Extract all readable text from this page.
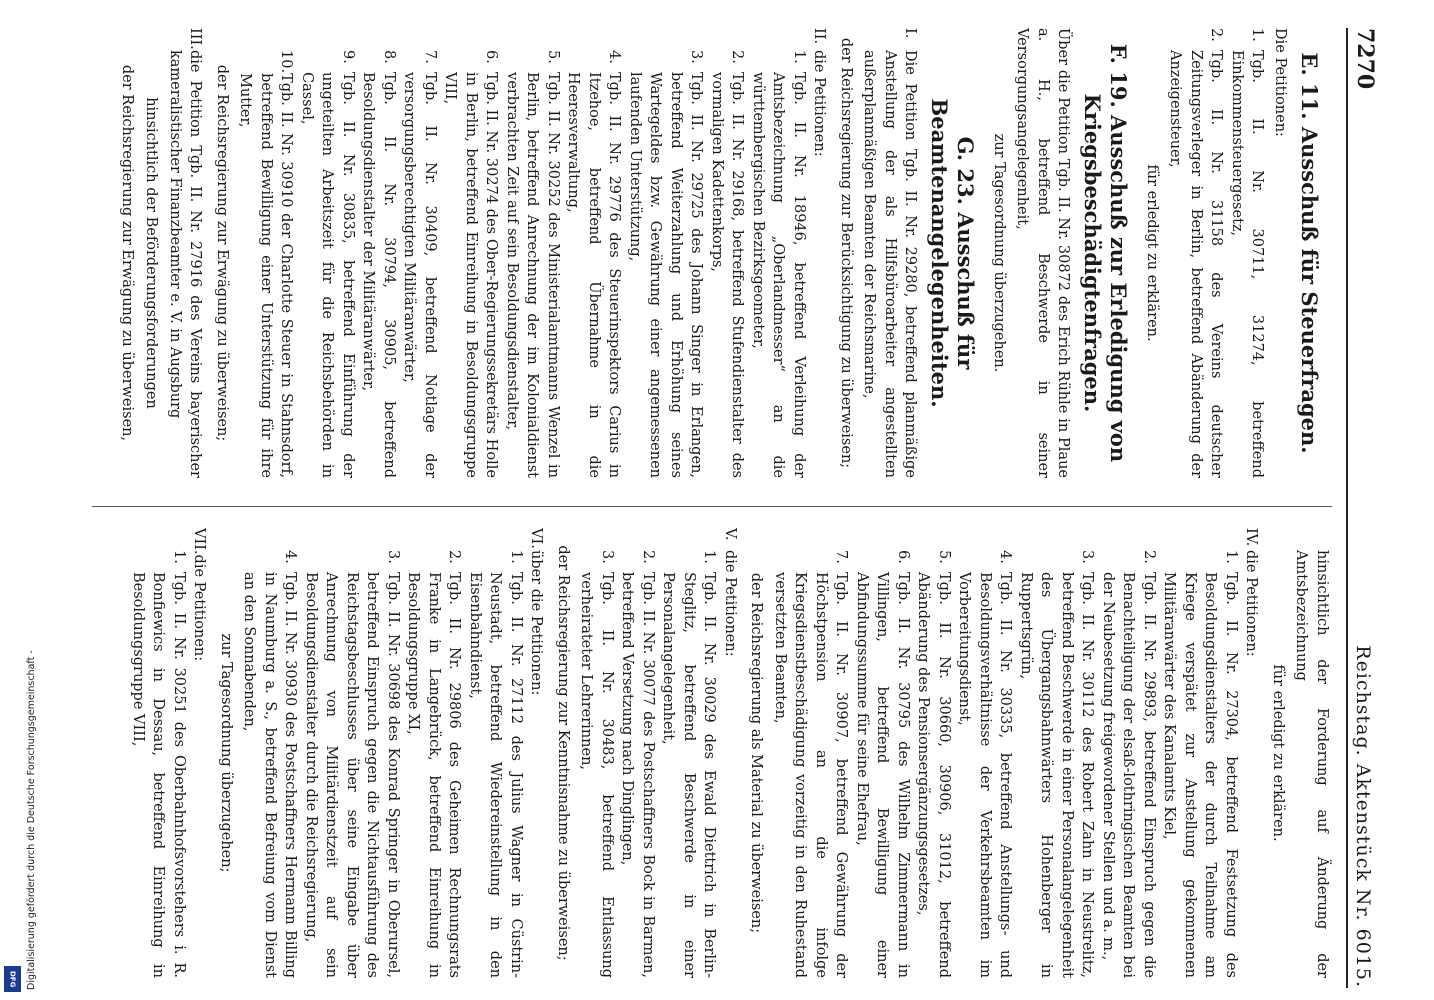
7270
Reichstag. Aktenstück Nr. 6015.
E. 11. Ausschuß für Steuerfragen.

Die Petitionen:

1.
Tgb. II. Nr. 30711, 31274, betreffend Einkommensteuergesetz,
2.
Tgb. II. Nr. 31158 des Vereins deutscher Zeitungsverleger in Berlin, betreffend Abänderung der Anzeigensteuer,

für erledigt zu erklären.

F. 19. Ausschuß zur Erledigung von Kriegsbeschädigtenfragen.

Über die Petition Tgb. II. Nr. 30872 des Erich Rühle in Plaue a. H., betreffend Beschwerde in seiner Versorgungsangelegenheit,

zur Tagesordnung überzugehen.

G. 23. Ausschuß für Beamtenangelegenheiten.
I.
Die Petition Tgb. II. Nr. 29280, betreffend planmäßige Anstellung der als Hilfsbüroarbeiter angestellten außerplanmäßigen Beamten der Reichsmarine,

der Reichsregierung zur Berücksichtigung zu überweisen;

II.
die Petitionen:
1.
Tgb. II. Nr. 18946, betreffend Verleihung der Amtsbezeichnung „Oberlandmesser“ an die württembergischen Bezirksgeometer,
2.
Tgb. II. Nr. 29168, betreffend Stufendienstalter des vormaligen Kadettenkorps,
3.
Tgb. II. Nr. 29725 des Johann Singer in Erlangen, betreffend Weiterzahlung und Erhöhung seines Wartegeldes bzw. Gewährung einer angemessenen laufenden Unterstützung,
4.
Tgb. II. Nr. 29776 des Steuerinspektors Carius in Itzehoe, betreffend Übernahme in die Heeresverwaltung,
5.
Tgb. II. Nr. 30252 des Ministerialamtmanns Wenzel in Berlin, betreffend Anrechnung der im Kolonialdienst verbrachten Zeit auf sein Besoldungsdienstalter,
6.
Tgb. II. Nr. 30274 des Ober-Regierungssekretärs Holle in Berlin, betreffend Einreihung in Besoldungsgruppe VIII,
7.
Tgb. II. Nr. 30409, betreffend Notlage der versorgungsberechtigten Militäranwärter,
8.
Tgb. II. Nr. 30794, 30905, betreffend Besoldungsdienstalter der Militäranwärter,
9.
Tgb. II. Nr. 30835, betreffend Einführung der ungeteilten Arbeitszeit für die Reichsbehörden in Cassel,
10.
Tgb. II. Nr. 30910 der Charlotte Steuer in Stahnsdorf, betreffend Bewilligung einer Unterstützung für ihre Mutter,

der Reichsregierung zur Erwägung zu überweisen;

III.
die Petition Tgb. II. Nr. 27916 des Vereins bayerischer kameralistischer Finanzbeamter e. V. in Augsburg

hinsichtlich der Beförderungsforderungen

der Reichsregierung zur Erwägung zu überweisen,

hinsichtlich der Forderung auf Änderung der Amtsbezeichnung

für erledigt zu erklären.

IV.
die Petitionen:
1.
Tgb. II. Nr. 27304, betreffend Festsetzung des Besoldungsdienstalters der durch Teilnahme am Kriege verspätet zur Anstellung gekommenen Militäranwärter des Kanalamts Kiel,
2.
Tgb. II. Nr. 29893, betreffend Einspruch gegen die Benachteiligung der elsaß-lothringischen Beamten bei der Neubesetzung freigewordener Stellen und a. m.,
3.
Tgb. II. Nr. 30112 des Robert Zahn in Neustrelitz, betreffend Beschwerde in einer Personalangelegenheit des Übergangsbahnwärters Hohenberger in Ruppertsgrün,
4.
Tgb. II. Nr. 30335, betreffend Anstellungs- und Besoldungsverhältnisse der Verkehrsbeamten im Vorbereitungsdienst,
5.
Tgb. II. Nr. 30660, 30906, 31012, betreffend Abänderung des Pensionsergänzungsgesetzes,
6.
Tgb. II. Nr. 30795 des Wilhelm Zimmermann in Villingen, betreffend Bewilligung einer Abfindungssumme für seine Ehefrau,
7.
Tgb. II. Nr. 30907, betreffend Gewährung der Höchstpension an die infolge Kriegsdienstbeschädigung vorzeitig in den Ruhestand versetzten Beamten,

der Reichsregierung als Material zu überweisen;

V.
die Petitionen:
1.
Tgb. II. Nr. 30029 des Ewald Diettrich in Berlin-Steglitz, betreffend Beschwerde in einer Personalangelegenheit,
2.
Tgb. II. Nr. 30077 des Postschaffners Bock in Barmen, betreffend Versetzung nach Dinglingen,
3.
Tgb. II. Nr. 30483, betreffend Entlassung verheirateter Lehrerinnen,

der Reichsregierung zur Kenntnisnahme zu überweisen;

VI.
über die Petitionen:
1.
Tgb. II. Nr. 27112 des Julius Wagner in Cüstrin-Neustadt, betreffend Wiedereinstellung in den Eisenbahndienst,
2.
Tgb. II. Nr. 29806 des Geheimen Rechnungsrats Franke in Langebrück, betreffend Einreihung in Besoldungsgruppe XI,
3.
Tgb. II. Nr. 30698 des Konrad Springer in Oberursel, betreffend Einspruch gegen die Nichtausführung des Reichstagsbeschlusses über seine Eingabe über Anrechnung von Militärdienstzeit auf sein Besoldungsdienstalter durch die Reichsregierung,
4.
Tgb. II. Nr. 30930 des Postschaffners Hermann Billing in Naumburg a. S., betreffend Befreiung vom Dienst an den Sonnabenden,

zur Tagesordnung überzugehen;

VII.
die Petitionen:
1.
Tgb. II. Nr. 30251 des Oberbahnhofsvorstehers i. R. Bonfiewics in Dessau, betreffend Einreihung in Besoldungsgruppe VIII,
Digitalisierung gefördert durch die Deutsche Forschungsgemeinschaft -
DFG
